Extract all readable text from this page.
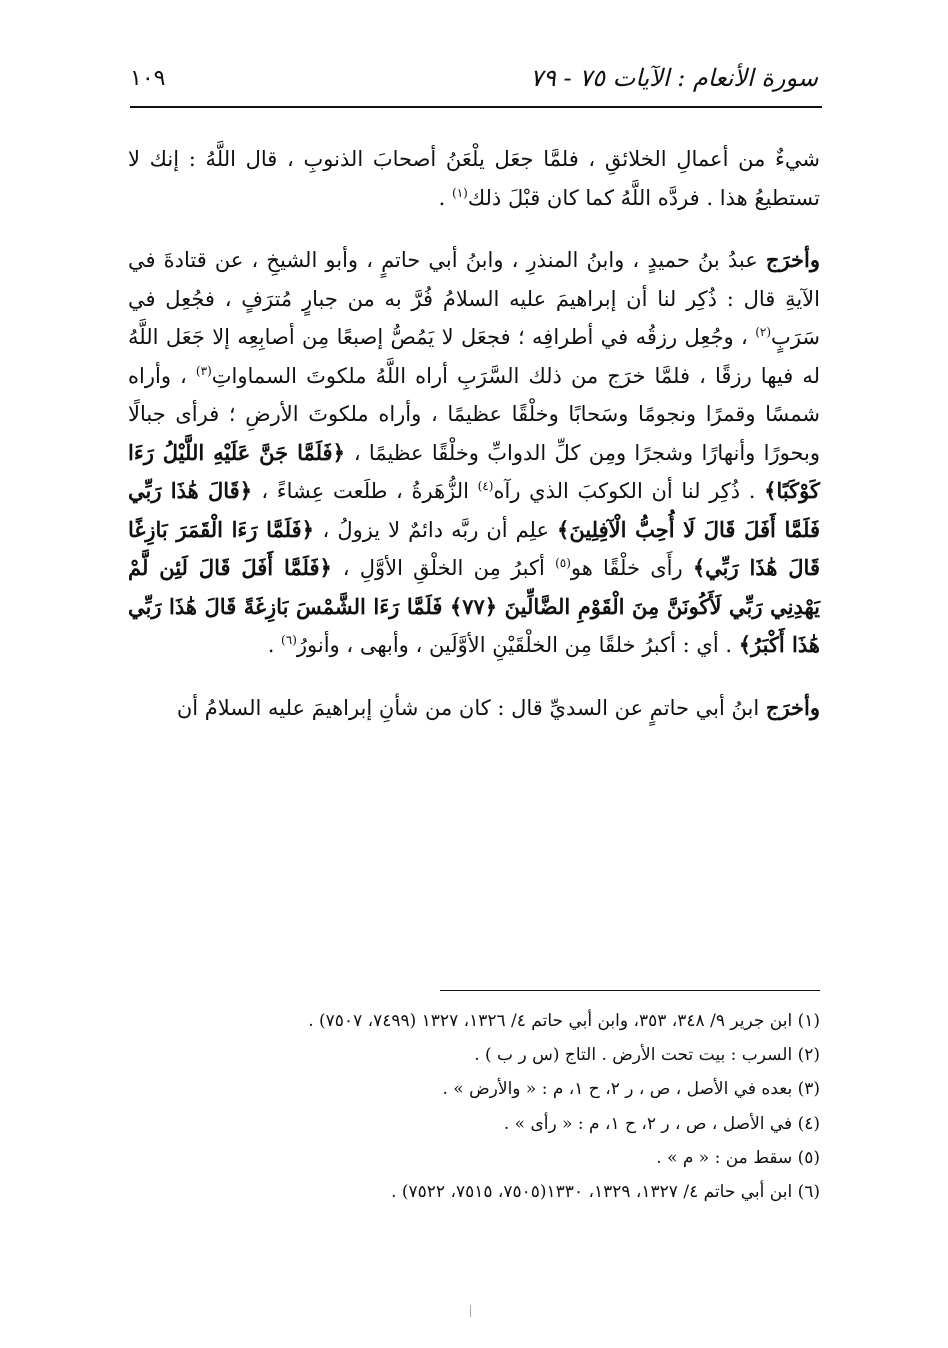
سورة الأنعام : الآيات ٧٥ - ٧٩
١٠٩

شيءٌ من أعمالِ الخلائقِ ، فلمَّا جعَل يلْعَنُ أصحابَ الذنوبِ ، قال اللَّهُ : إنك لا تستطيعُ هذا . فردَّه اللَّهُ كما كان قبْلَ ذلك$^{(١)}$ .

وأخرَج عبدُ بنُ حميدٍ ، وابنُ المنذرِ ، وابنُ أبي حاتمٍ ، وأبو الشيخِ ، عن قتادةَ في الآيةِ قال : ذُكِر لنا أن إبراهيمَ عليه السلامُ فُرَّ به من جبارٍ مُترَفٍ ، فجُعِل في سَرَبٍ$^{(٢)}$ ، وجُعِل رزقُه في أطرافِه ؛ فجعَل لا يَمُصُّ إصبعًا مِن أصابِعِه إلا جَعَل اللَّهُ له فيها رزقًا ، فلمَّا خرَج من ذلك السَّرَبِ أراه اللَّهُ ملكوتَ السماواتِ$^{(٣)}$ ، وأراه شمسًا وقمرًا ونجومًا وسَحابًا وخلْقًا عظيمًا ، وأراه ملكوتَ الأرضِ ؛ فرأى جبالًا وبحورًا وأنهارًا وشجرًا ومِن كلِّ الدوابِّ وخلْقًا عظيمًا ، ﴿فَلَمَّا جَنَّ عَلَيْهِ اللَّيْلُ رَءَا كَوْكَبًا﴾ . ذُكِر لنا أن الكوكبَ الذي رآه$^{(٤)}$ الزُّهَرةُ ، طلَعت عِشاءً ، ﴿قَالَ هَٰذَا رَبِّي فَلَمَّا أَفَلَ قَالَ لَا أُحِبُّ الْآفِلِينَ﴾ علِم أن ربَّه دائمٌ لا يزولُ ، ﴿فَلَمَّا رَءَا الْقَمَرَ بَازِغًا قَالَ هَٰذَا رَبِّي﴾ رأَى خلْقًا هو$^{(٥)}$ أكبرُ مِن الخلْقِ الأوَّلِ ، ﴿فَلَمَّا أَفَلَ قَالَ لَئِن لَّمْ يَهْدِنِي رَبِّي لَأَكُونَنَّ مِنَ الْقَوْمِ الضَّالِّينَ ﴿٧٧﴾ فَلَمَّا رَءَا الشَّمْسَ بَازِغَةً قَالَ هَٰذَا رَبِّي هَٰذَا أَكْبَرُ﴾ . أي : أكبرُ خلقًا مِن الخلْقَيْنِ الأوَّلَين ، وأبهى ، وأنورُ$^{(٦)}$ .

وأخرَج ابنُ أبي حاتمٍ عن السديِّ قال : كان من شأنِ إبراهيمَ عليه السلامُ أن

(١) ابن جرير ٩/ ٣٤٨، ٣٥٣، وابن أبي حاتم ٤/ ١٣٢٦، ١٣٢٧ (٧٤٩٩، ٧٥٠٧) .
(٢) السرب : بيت تحت الأرض . التاج (س ر ب ) .
(٣) بعده في الأصل ، ص ، ر ٢، ح ١، م : « والأرض » .
(٤) في الأصل ، ص ، ر ٢، ح ١، م : « رأى » .
(٥) سقط من : « م » .
(٦) ابن أبي حاتم ٤/ ١٣٢٧، ١٣٢٩، ١٣٣٠(٧٥٠٥، ٧٥١٥، ٧٥٢٢) .
